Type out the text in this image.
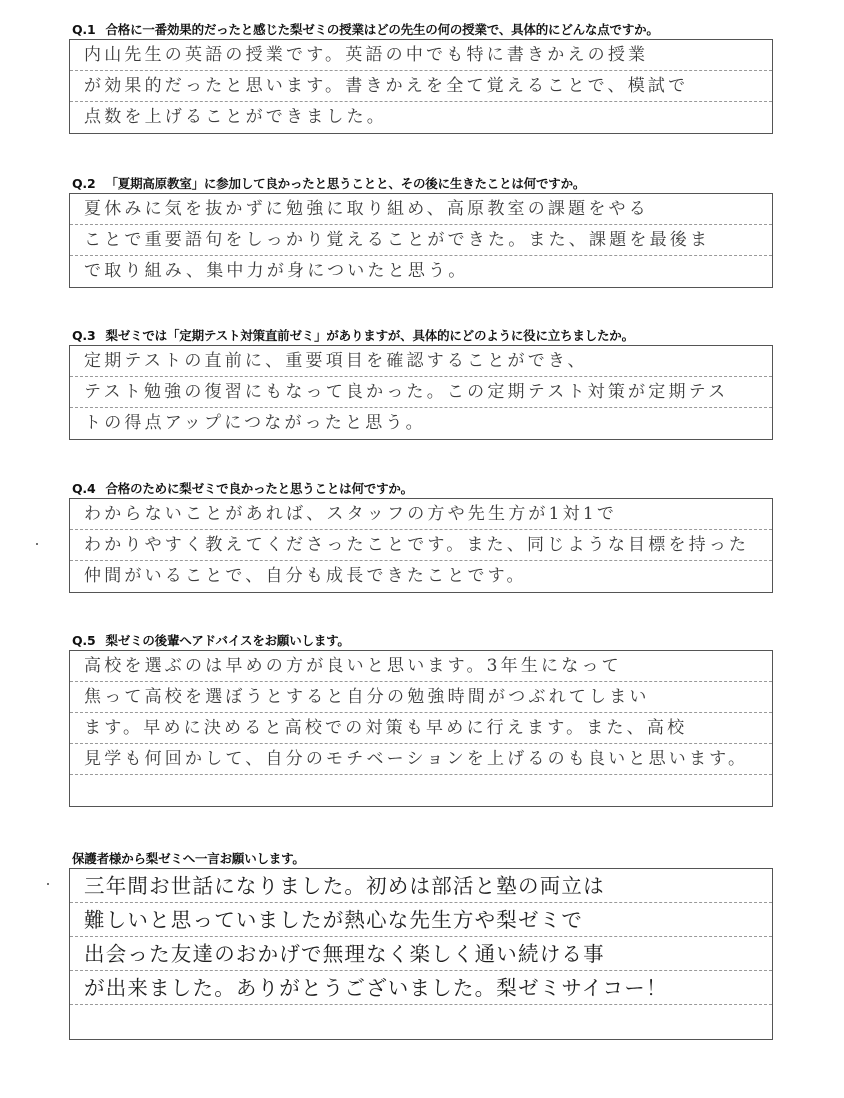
Q.1 合格に一番効果的だったと感じた梨ゼミの授業はどの先生の何の授業で、具体的にどんな点ですか。
内山先生の英語の授業です。英語の中でも特に書きかえの授業
が効果的だったと思います。書きかえを全て覚えることで、模試で
点数を上げることができました。
Q.2 「夏期高原教室」に参加して良かったと思うことと、その後に生きたことは何ですか。
夏休みに気を抜かずに勉強に取り組め、高原教室の課題をやる
ことで重要語句をしっかり覚えることができた。また、課題を最後ま
で取り組み、集中力が身についたと思う。
Q.3 梨ゼミでは「定期テスト対策直前ゼミ」がありますが、具体的にどのように役に立ちましたか。
定期テストの直前に、重要項目を確認することができ、
テスト勉強の復習にもなって良かった。この定期テスト対策が定期テス
トの得点アップにつながったと思う。
Q.4 合格のために梨ゼミで良かったと思うことは何ですか。
わからないことがあれば、スタッフの方や先生方が1対1で
わかりやすく教えてくださったことです。また、同じような目標を持った
仲間がいることで、自分も成長できたことです。
Q.5 梨ゼミの後輩へアドバイスをお願いします。
高校を選ぶのは早めの方が良いと思います。3年生になって
焦って高校を選ぼうとすると自分の勉強時間がつぶれてしまい
ます。早めに決めると高校での対策も早めに行えます。また、高校
見学も何回かして、自分のモチベーションを上げるのも良いと思います。
保護者様から梨ゼミへ一言お願いします。
三年間お世話になりました。初めは部活と塾の両立は
難しいと思っていましたが熱心な先生方や梨ゼミで
出会った友達のおかげで無理なく楽しく通い続ける事
が出来ました。ありがとうございました。梨ゼミサイコー！
